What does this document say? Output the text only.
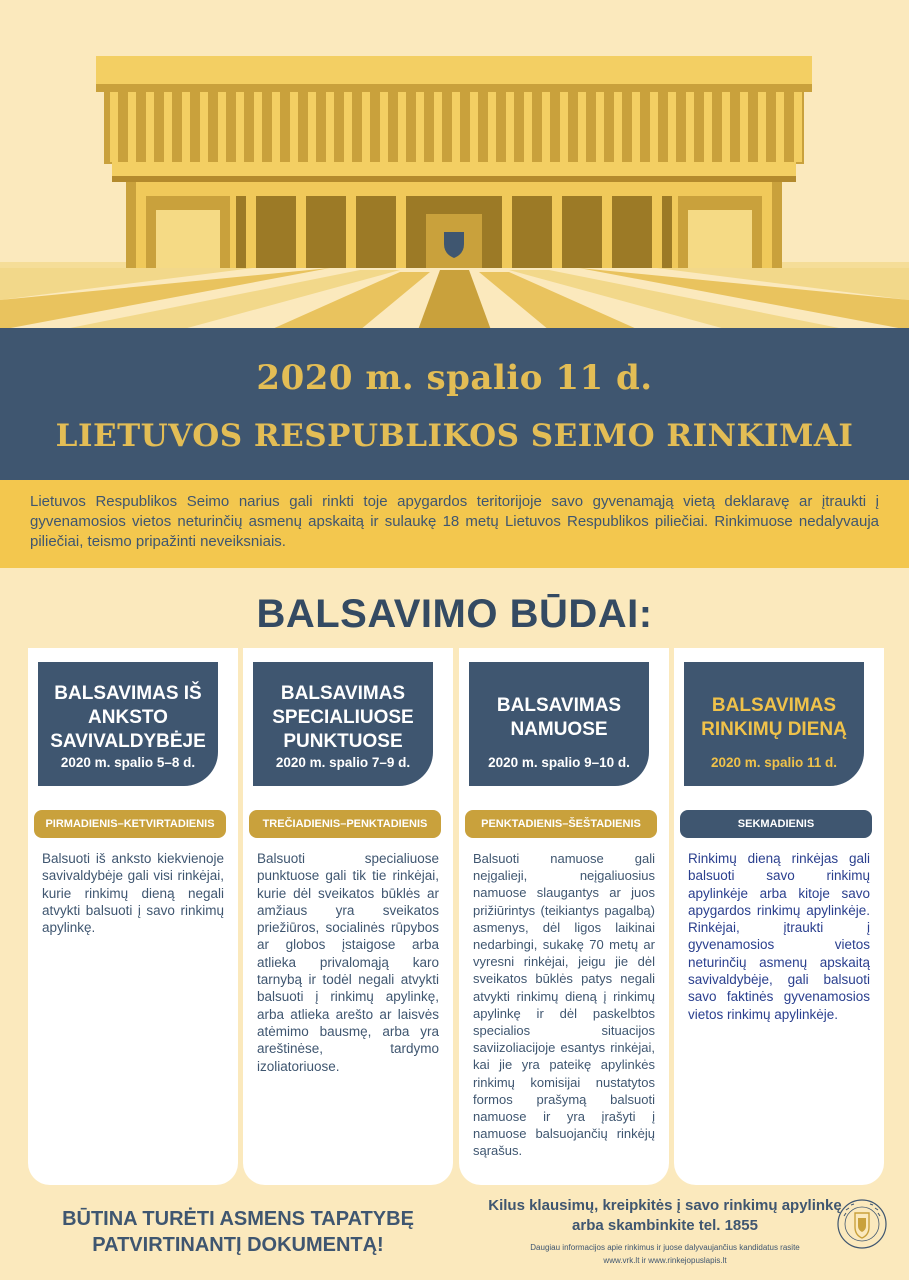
2020 m. spalio 11 d.
LIETUVOS RESPUBLIKOS SEIMO RINKIMAI
Lietuvos Respublikos Seimo narius gali rinkti toje apygardos teritorijoje savo gyvenamąją vietą deklaravę ar įtraukti į gyvenamosios vietos neturinčių asmenų apskaitą ir sulaukę 18 metų Lietuvos Respublikos piliečiai. Rinkimuose nedalyvauja piliečiai, teismo pripažinti neveiksniais.
BALSAVIMO BŪDAI:
BALSAVIMAS IŠ ANKSTO SAVIVALDYBĖJE
2020 m. spalio 5–8 d.
PIRMADIENIS–KETVIRTADIENIS
Balsuoti iš anksto kiekvienoje savivaldybėje gali visi rinkėjai, kurie rinkimų dieną negali atvykti balsuoti į savo rinkimų apylinkę.
BALSAVIMAS SPECIALIUOSE PUNKTUOSE
2020 m. spalio 7–9 d.
TREČIADIENIS–PENKTADIENIS
Balsuoti specialiuose punktuose gali tik tie rinkėjai, kurie dėl sveikatos būklės ar amžiaus yra sveikatos priežiūros, socialinės rūpybos ar globos įstaigose arba atlieka privalomąją karo tarnybą ir todėl negali atvykti balsuoti į rinkimų apylinkę, arba atlieka arešto ar laisvės atėmimo bausmę, arba yra areštinėse, tardymo izoliatoriuose.
BALSAVIMAS NAMUOSE
2020 m. spalio 9–10 d.
PENKTADIENIS–ŠEŠTADIENIS
Balsuoti namuose gali neįgalieji, neįgaliuosius namuose slaugantys ar juos prižiūrintys (teikiantys pagalbą) asmenys, dėl ligos laikinai nedarbingi, sukakę 70 metų ar vyresni rinkėjai, jeigu jie dėl sveikatos būklės patys negali atvykti rinkimų dieną į rinkimų apylinkę ir dėl paskelbtos specialios situacijos saviizoliacijoje esantys rinkėjai, kai jie yra pateikę apylinkės rinkimų komisijai nustatytos formos prašymą balsuoti namuose ir yra įrašyti į namuose balsuojančių rinkėjų sąrašus.
BALSAVIMAS RINKIMŲ DIENĄ
2020 m. spalio 11 d.
SEKMADIENIS
Rinkimų dieną rinkėjas gali balsuoti savo rinkimų apylinkėje arba kitoje savo apygardos rinkimų apylinkėje. Rinkėjai, įtraukti į gyvenamosios vietos neturinčių asmenų apskaitą savivaldybėje, gali balsuoti savo faktinės gyvenamosios vietos rinkimų apylinkėje.
BŪTINA TURĖTI ASMENS TAPATYBĘ PATVIRTINANTĮ DOKUMENTĄ!
Kilus klausimų, kreipkitės į savo rinkimų apylinkę arba skambinkite tel. 1855
Daugiau informacijos apie rinkimus ir juose dalyvaujančius kandidatus rasite
www.vrk.lt ir www.rinkejopuslapis.lt
